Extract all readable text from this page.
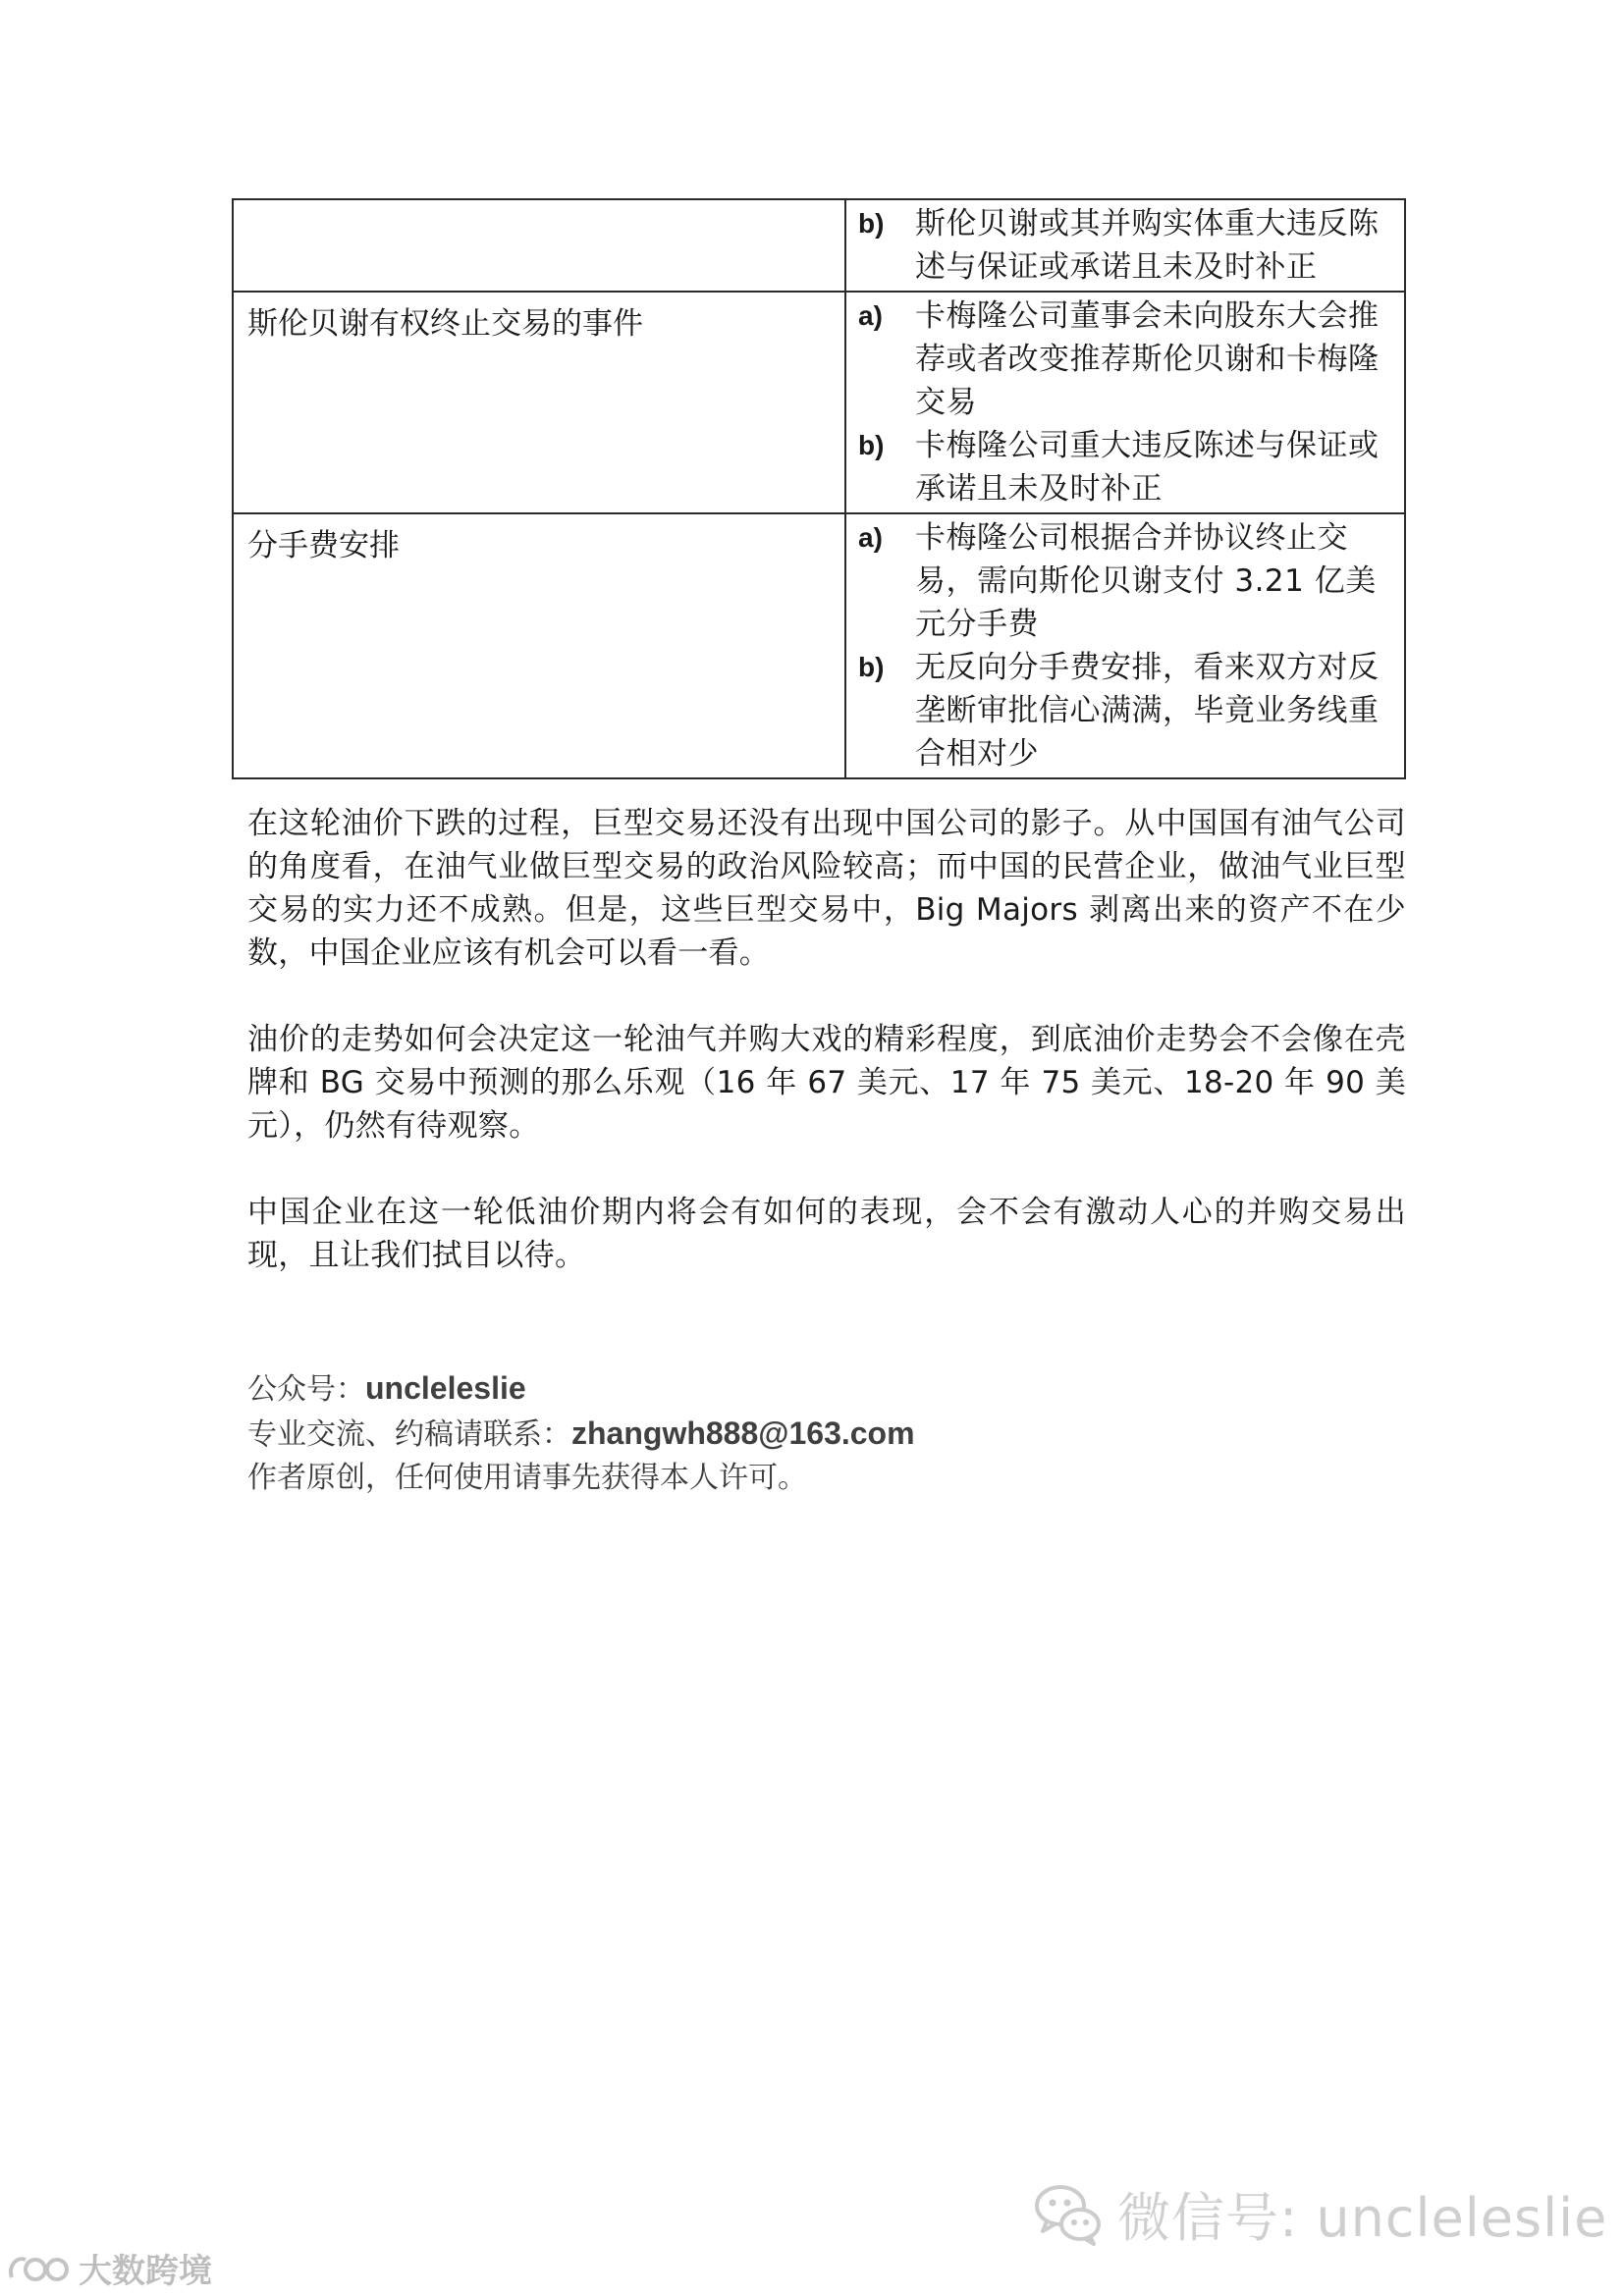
	b) 斯伦贝谢或其并购实体重大违反陈述与保证或承诺且未及时补正

斯伦贝谢有权终止交易的事件	a) 卡梅隆公司董事会未向股东大会推荐或者改变推荐斯伦贝谢和卡梅隆交易
b) 卡梅隆公司重大违反陈述与保证或承诺且未及时补正

分手费安排	a) 卡梅隆公司根据合并协议终止交易，需向斯伦贝谢支付 3.21 亿美元分手费
b) 无反向分手费安排，看来双方对反垄断审批信心满满，毕竟业务线重合相对少

在这轮油价下跌的过程，巨型交易还没有出现中国公司的影子。从中国国有油气公司的角度看，在油气业做巨型交易的政治风险较高；而中国的民营企业，做油气业巨型交易的实力还不成熟。但是，这些巨型交易中，Big Majors 剥离出来的资产不在少数，中国企业应该有机会可以看一看。

油价的走势如何会决定这一轮油气并购大戏的精彩程度，到底油价走势会不会像在壳牌和 BG 交易中预测的那么乐观（16 年 67 美元、17 年 75 美元、18-20 年 90 美元），仍然有待观察。

中国企业在这一轮低油价期内将会有如何的表现，会不会有激动人心的并购交易出现，且让我们拭目以待。

公众号：uncleleslie
专业交流、约稿请联系：zhangwh888@163.com
作者原创，任何使用请事先获得本人许可。
微信号: uncleleslie
大数跨境
